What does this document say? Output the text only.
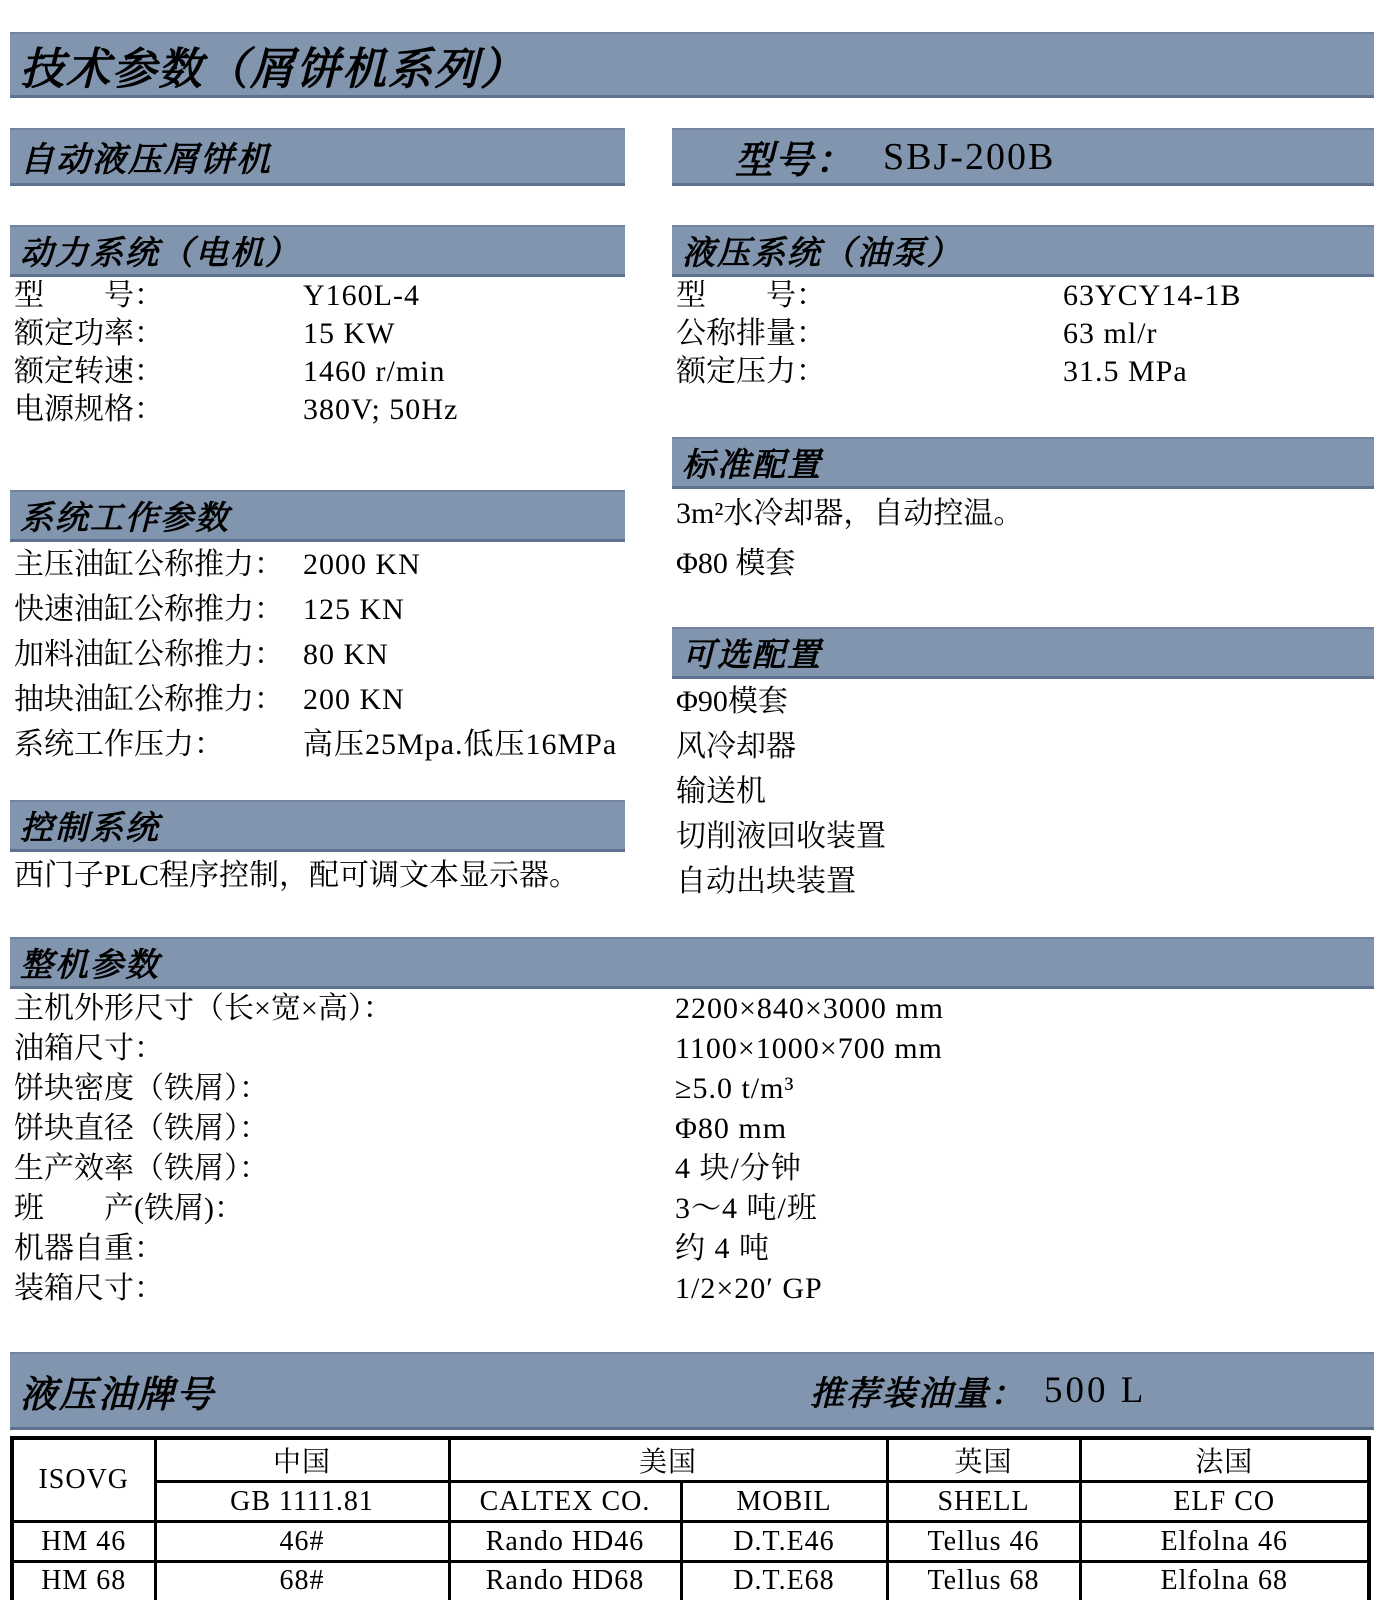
技术参数（屑饼机系列）
自动液压屑饼机	型号： SBJ-200B
动力系统（电机）
型　　号：	Y160L-4
额定功率：	15 KW
额定转速：	1460 r/min
电源规格：	380V; 50Hz
液压系统（油泵）
型　　号：	63YCY14-1B
公称排量：	63 ml/r
额定压力：	31.5 MPa
标准配置
3m²水冷却器，自动控温。
Φ80 模套
系统工作参数
主压油缸公称推力： 2000 KN
快速油缸公称推力： 125 KN
加料油缸公称推力： 80 KN
抽块油缸公称推力： 200 KN
系统工作压力：	高压25Mpa.低压16MPa
可选配置
Φ90模套
风冷却器
输送机
切削液回收装置
自动出块装置
控制系统
西门子PLC程序控制，配可调文本显示器。
整机参数
主机外形尺寸（长×宽×高）：	2200×840×3000 mm
油箱尺寸：	1100×1000×700 mm
饼块密度（铁屑）：	≥5.0 t/m³
饼块直径（铁屑）：	Φ80 mm
生产效率（铁屑）：	4 块/分钟
班　　产(铁屑)：	3～4 吨/班
机器自重：	约 4 吨
装箱尺寸：	1/2×20′ GP
液压油牌号	推荐装油量： 500 L
ISOVG	中国	美国		英国	法国
	GB 1111.81	CALTEX CO.	MOBIL	SHELL	ELF CO
HM 46	46#	Rando HD46	D.T.E46	Tellus 46	Elfolna 46
HM 68	68#	Rando HD68	D.T.E68	Tellus 68	Elfolna 68
